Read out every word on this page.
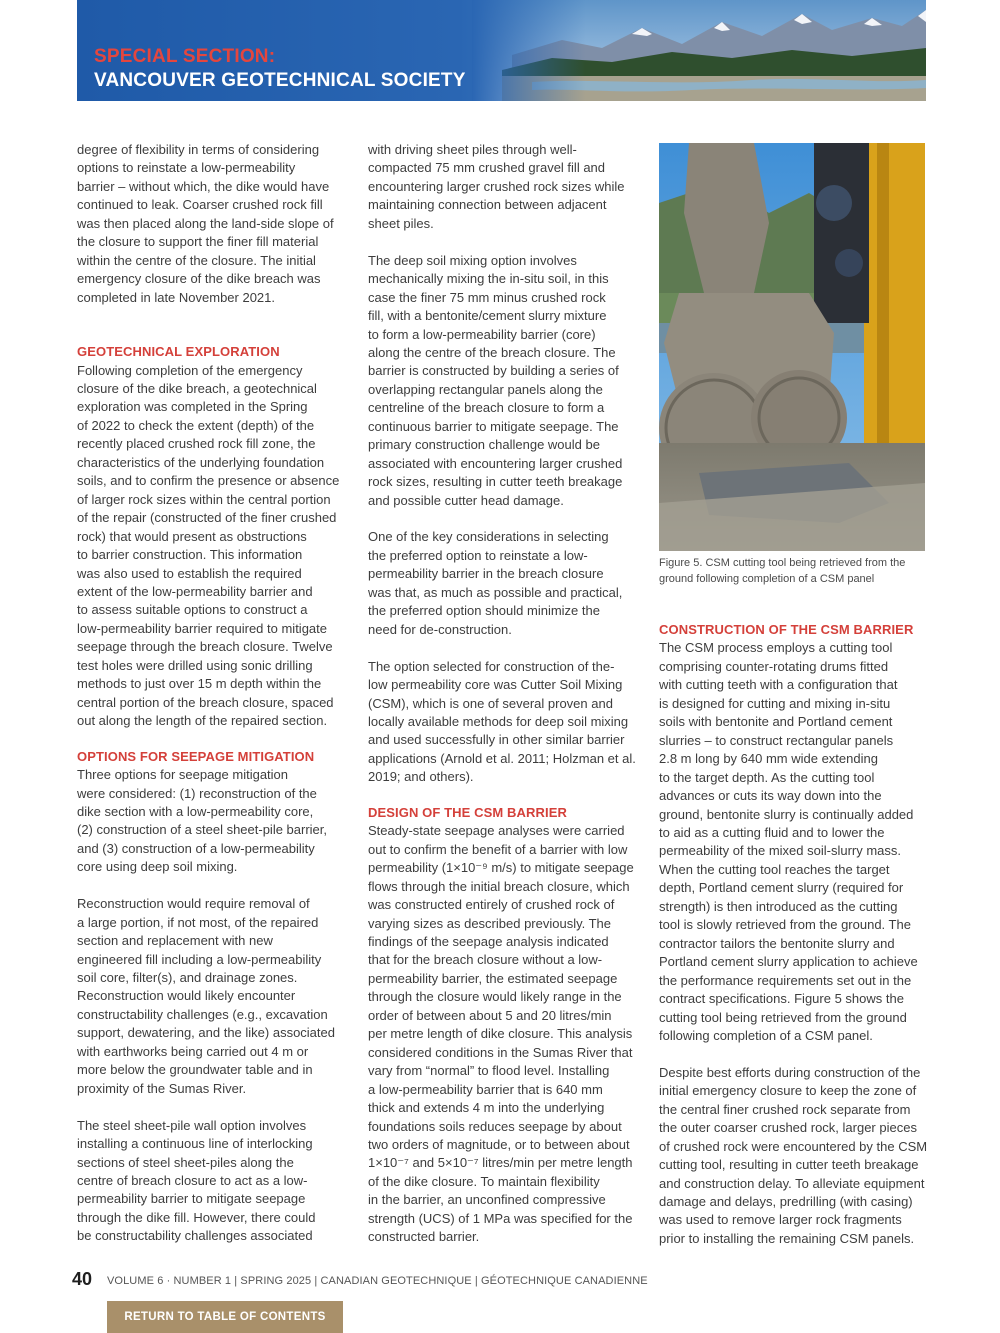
SPECIAL SECTION:
VANCOUVER GEOTECHNICAL SOCIETY

degree of flexibility in terms of considering
options to reinstate a low-permeability
barrier – without which, the dike would have
continued to leak. Coarser crushed rock fill
was then placed along the land-side slope of
the closure to support the finer fill material
within the centre of the closure. The initial
emergency closure of the dike breach was
completed in late November 2021.

GEOTECHNICAL EXPLORATION

Following completion of the emergency
closure of the dike breach, a geotechnical
exploration was completed in the Spring
of 2022 to check the extent (depth) of the
recently placed crushed rock fill zone, the
characteristics of the underlying foundation
soils, and to confirm the presence or absence
of larger rock sizes within the central portion
of the repair (constructed of the finer crushed
rock) that would present as obstructions
to barrier construction. This information
was also used to establish the required
extent of the low-permeability barrier and
to assess suitable options to construct a
low-permeability barrier required to mitigate
seepage through the breach closure. Twelve
test holes were drilled using sonic drilling
methods to just over 15 m depth within the
central portion of the breach closure, spaced
out along the length of the repaired section.

OPTIONS FOR SEEPAGE MITIGATION

Three options for seepage mitigation
were considered: (1) reconstruction of the
dike section with a low-permeability core,
(2) construction of a steel sheet-pile barrier,
and (3) construction of a low-permeability
core using deep soil mixing.

Reconstruction would require removal of
a large portion, if not most, of the repaired
section and replacement with new
engineered fill including a low-permeability
soil core, filter(s), and drainage zones.
Reconstruction would likely encounter
constructability challenges (e.g., excavation
support, dewatering, and the like) associated
with earthworks being carried out 4 m or
more below the groundwater table and in
proximity of the Sumas River.

The steel sheet-pile wall option involves
installing a continuous line of interlocking
sections of steel sheet-piles along the
centre of breach closure to act as a low-
permeability barrier to mitigate seepage
through the dike fill. However, there could
be constructability challenges associated

with driving sheet piles through well-
compacted 75 mm crushed gravel fill and
encountering larger crushed rock sizes while
maintaining connection between adjacent
sheet piles.

The deep soil mixing option involves
mechanically mixing the in-situ soil, in this
case the finer 75 mm minus crushed rock
fill, with a bentonite/cement slurry mixture
to form a low-permeability barrier (core)
along the centre of the breach closure. The
barrier is constructed by building a series of
overlapping rectangular panels along the
centreline of the breach closure to form a
continuous barrier to mitigate seepage. The
primary construction challenge would be
associated with encountering larger crushed
rock sizes, resulting in cutter teeth breakage
and possible cutter head damage.

One of the key considerations in selecting
the preferred option to reinstate a low-
permeability barrier in the breach closure
was that, as much as possible and practical,
the preferred option should minimize the
need for de-construction.

The option selected for construction of the-
low permeability core was Cutter Soil Mixing
(CSM), which is one of several proven and
locally available methods for deep soil mixing
and used successfully in other similar barrier
applications (Arnold et al. 2011; Holzman et al.
2019; and others).

DESIGN OF THE CSM BARRIER

Steady-state seepage analyses were carried
out to confirm the benefit of a barrier with low
permeability (1×10⁻⁹ m/s) to mitigate seepage
flows through the initial breach closure, which
was constructed entirely of crushed rock of
varying sizes as described previously. The
findings of the seepage analysis indicated
that for the breach closure without a low-
permeability barrier, the estimated seepage
through the closure would likely range in the
order of between about 5 and 20 litres/min
per metre length of dike closure. This analysis
considered conditions in the Sumas River that
vary from “normal” to flood level. Installing
a low-permeability barrier that is 640 mm
thick and extends 4 m into the underlying
foundations soils reduces seepage by about
two orders of magnitude, or to between about
1×10⁻⁷ and 5×10⁻⁷ litres/min per metre length
of the dike closure. To maintain flexibility
in the barrier, an unconfined compressive
strength (UCS) of 1 MPa was specified for the
constructed barrier.

Figure 5. CSM cutting tool being retrieved from the
ground following completion of a CSM panel
CONSTRUCTION OF THE CSM BARRIER

The CSM process employs a cutting tool
comprising counter-rotating drums fitted
with cutting teeth with a configuration that
is designed for cutting and mixing in-situ
soils with bentonite and Portland cement
slurries – to construct rectangular panels
2.8 m long by 640 mm wide extending
to the target depth. As the cutting tool
advances or cuts its way down into the
ground, bentonite slurry is continually added
to aid as a cutting fluid and to lower the
permeability of the mixed soil-slurry mass.
When the cutting tool reaches the target
depth, Portland cement slurry (required for
strength) is then introduced as the cutting
tool is slowly retrieved from the ground. The
contractor tailors the bentonite slurry and
Portland cement slurry application to achieve
the performance requirements set out in the
contract specifications. Figure 5 shows the
cutting tool being retrieved from the ground
following completion of a CSM panel.

Despite best efforts during construction of the
initial emergency closure to keep the zone of
the central finer crushed rock separate from
the outer coarser crushed rock, larger pieces
of crushed rock were encountered by the CSM
cutting tool, resulting in cutter teeth breakage
and construction delay. To alleviate equipment
damage and delays, predrilling (with casing)
was used to remove larger rock fragments
prior to installing the remaining CSM panels.

40 VOLUME 6 · NUMBER 1 | SPRING 2025 | CANADIAN GEOTECHNIQUE | GÉOTECHNIQUE CANADIENNE
RETURN TO TABLE OF CONTENTS
